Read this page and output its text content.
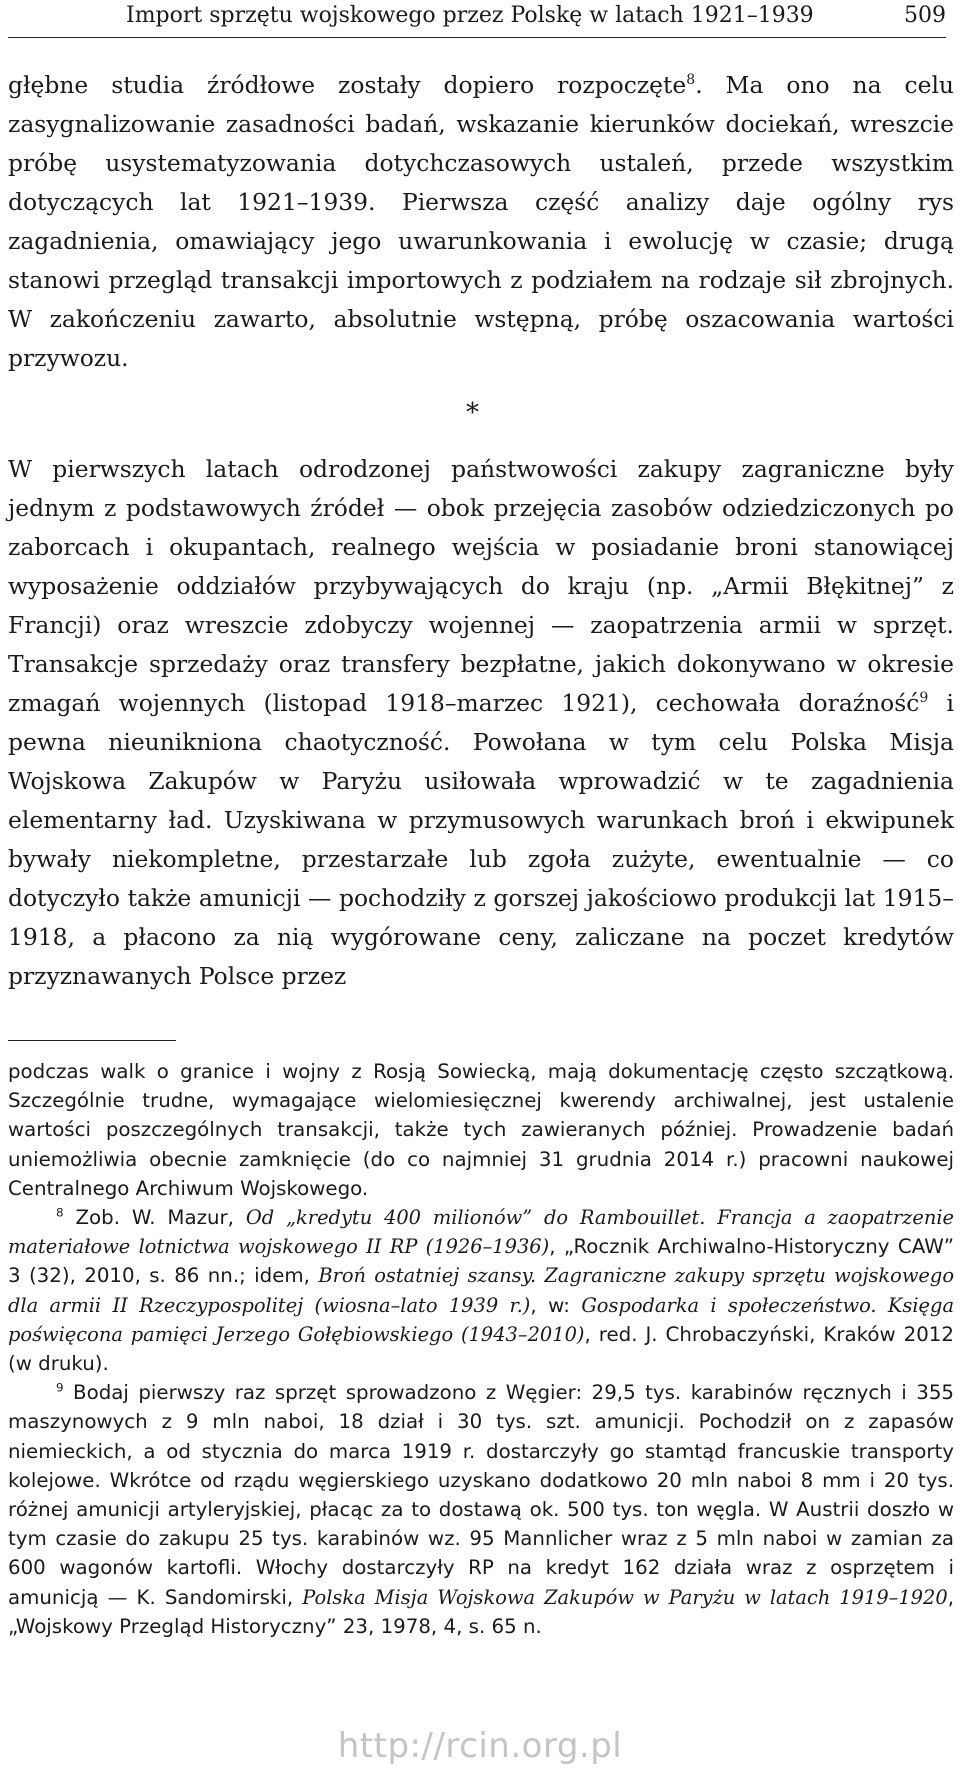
Import sprzętu wojskowego przez Polskę w latach 1921–1939	509

głębne studia źródłowe zostały dopiero rozpoczęte$^8$. Ma ono na celu zasygnalizowanie zasadności badań, wskazanie kierunków dociekań, wreszcie próbę usystematyzowania dotychczasowych ustaleń, przede wszystkim dotyczących lat 1921–1939. Pierwsza część analizy daje ogólny rys zagadnienia, omawiający jego uwarunkowania i ewolucję w czasie; drugą stanowi przegląd transakcji importowych z podziałem na rodzaje sił zbrojnych. W zakończeniu zawarto, absolutnie wstępną, próbę oszacowania wartości przywozu.

*

W pierwszych latach odrodzonej państwowości zakupy zagraniczne były jednym z podstawowych źródeł — obok przejęcia zasobów odziedziczonych po zaborcach i okupantach, realnego wejścia w posiadanie broni stanowiącej wyposażenie oddziałów przybywających do kraju (np. „Armii Błękitnej” z Francji) oraz wreszcie zdobyczy wojennej — zaopatrzenia armii w sprzęt. Transakcje sprzedaży oraz transfery bezpłatne, jakich dokonywano w okresie zmagań wojennych (listopad 1918–marzec 1921), cechowała doraźność$^9$ i pewna nieunikniona chaotyczność. Powołana w tym celu Polska Misja Wojskowa Zakupów w Paryżu usiłowała wprowadzić w te zagadnienia elementarny ład. Uzyskiwana w przymusowych warunkach broń i ekwipunek bywały niekompletne, przestarzałe lub zgoła zużyte, ewentualnie — co dotyczyło także amunicji — pochodziły z gorszej jakościowo produkcji lat 1915–1918, a płacono za nią wygórowane ceny, zaliczane na poczet kredytów przyznawanych Polsce przez

podczas walk o granice i wojny z Rosją Sowiecką, mają dokumentację często szczątkową. Szczególnie trudne, wymagające wielomiesięcznej kwerendy archiwalnej, jest ustalenie wartości poszczególnych transakcji, także tych zawieranych później. Prowadzenie badań uniemożliwia obecnie zamknięcie (do co najmniej 31 grudnia 2014 r.) pracowni naukowej Centralnego Archiwum Wojskowego.

$^8$ Zob. W. Mazur, Od „kredytu 400 milionów” do Rambouillet. Francja a zaopatrzenie materiałowe lotnictwa wojskowego II RP (1926–1936), „Rocznik Archiwalno-Historyczny CAW” 3 (32), 2010, s. 86 nn.; idem, Broń ostatniej szansy. Zagraniczne zakupy sprzętu wojskowego dla armii II Rzeczypospolitej (wiosna–lato 1939 r.), w: Gospodarka i społeczeństwo. Księga poświęcona pamięci Jerzego Gołębiowskiego (1943–2010), red. J. Chrobaczyński, Kraków 2012 (w druku).

$^9$ Bodaj pierwszy raz sprzęt sprowadzono z Węgier: 29,5 tys. karabinów ręcznych i 355 maszynowych z 9 mln naboi, 18 dział i 30 tys. szt. amunicji. Pochodził on z zapasów niemieckich, a od stycznia do marca 1919 r. dostarczyły go stamtąd francuskie transporty kolejowe. Wkrótce od rządu węgierskiego uzyskano dodatkowo 20 mln naboi 8 mm i 20 tys. różnej amunicji artyleryjskiej, płacąc za to dostawą ok. 500 tys. ton węgla. W Austrii doszło w tym czasie do zakupu 25 tys. karabinów wz. 95 Mannlicher wraz z 5 mln naboi w zamian za 600 wagonów kartofli. Włochy dostarczyły RP na kredyt 162 działa wraz z osprzętem i amunicją — K. Sandomirski, Polska Misja Wojskowa Zakupów w Paryżu w latach 1919–1920, „Wojskowy Przegląd Historyczny” 23, 1978, 4, s. 65 n.

http://rcin.org.pl
